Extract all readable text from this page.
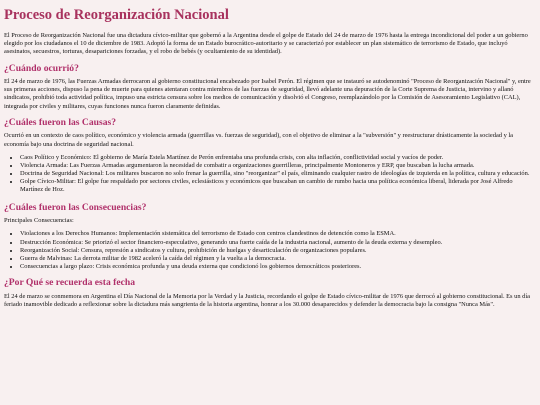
Proceso de Reorganización Nacional

El Proceso de Reorganización Nacional fue una dictadura cívico-militar que gobernó a la Argentina desde el golpe de Estado del 24 de marzo de 1976 hasta la entrega incondicional del poder a un gobierno elegido por los ciudadanos el 10 de diciembre de 1983. Adoptó la forma de un Estado burocrático-autoritario y se caracterizó por establecer un plan sistemático de terrorismo de Estado, que incluyó asesinatos, secuestros, torturas, desapariciones forzadas, y el robo de bebés (y ocultamiento de su identidad).

¿Cuándo ocurrió?

El 24 de marzo de 1976, las Fuerzas Armadas derrocaron al gobierno constitucional encabezado por Isabel Perón. El régimen que se instauró se autodenominó "Proceso de Reorganización Nacional" y, entre sus primeras acciones, dispuso la pena de muerte para quienes atentaran contra miembros de las fuerzas de seguridad, llevó adelante una depuración de la Corte Suprema de Justicia, intervino y allanó sindicatos, prohibió toda actividad política, impuso una estricta censura sobre los medios de comunicación y disolvió el Congreso, reemplazándolo por la Comisión de Asesoramiento Legislativo (CAL), integrada por civiles y militares, cuyas funciones nunca fueron claramente definidas.

¿Cuáles fueron las Causas?

Ocurrió en un contexto de caos político, económico y violencia armada (guerrillas vs. fuerzas de seguridad), con el objetivo de eliminar a la "subversión" y reestructurar drásticamente la sociedad y la economía bajo una doctrina de seguridad nacional.

• Caos Político y Económico: El gobierno de María Estela Martínez de Perón enfrentaba una profunda crisis, con alta inflación, conflictividad social y vacíos de poder.
• Violencia Armada: Las Fuerzas Armadas argumentaron la necesidad de combatir a organizaciones guerrilleras, principalmente Montoneros y ERP, que buscaban la lucha armada.
• Doctrina de Seguridad Nacional: Los militares buscaron no solo frenar la guerrilla, sino "reorganizar" el país, eliminando cualquier rastro de ideologías de izquierda en la política, cultura y educación.
• Golpe Cívico-Militar: El golpe fue respaldado por sectores civiles, eclesiásticos y económicos que buscaban un cambio de rumbo hacia una política económica liberal, liderada por José Alfredo Martínez de Hoz.
¿Cuáles fueron las Consecuencias?

Principales Consecuencias:

• Violaciones a los Derechos Humanos: Implementación sistemática del terrorismo de Estado con centros clandestinos de detención como la ESMA.
• Destrucción Económica: Se priorizó el sector financiero-especulativo, generando una fuerte caída de la industria nacional, aumento de la deuda externa y desempleo.
• Reorganización Social: Censura, represión a sindicatos y cultura, prohibición de huelgas y desarticulación de organizaciones populares.
• Guerra de Malvinas: La derrota militar de 1982 aceleró la caída del régimen y la vuelta a la democracia.
• Consecuencias a largo plazo: Crisis económica profunda y una deuda externa que condicionó los gobiernos democráticos posteriores.
¿Por Qué se recuerda esta fecha

El 24 de marzo se conmemora en Argentina el Día Nacional de la Memoria por la Verdad y la Justicia, recordando el golpe de Estado cívico-militar de 1976 que derrocó al gobierno constitucional. Es un día feriado inamovible dedicado a reflexionar sobre la dictadura más sangrienta de la historia argentina, honrar a los 30.000 desaparecidos y defender la democracia bajo la consigna "Nunca Más".
